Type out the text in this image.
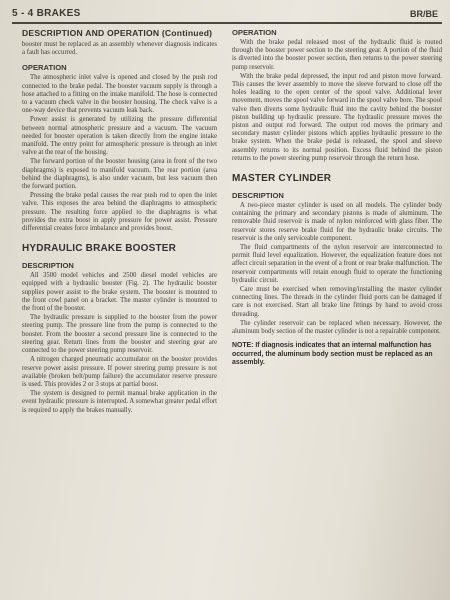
5 - 4 BRAKES	BR/BE
DESCRIPTION AND OPERATION (Continued)

booster must be replaced as an assembly whenever diagnosis indicates a fault has occurred.

OPERATION

The atmospheric inlet valve is opened and closed by the push rod connected to the brake pedal. The booster vacuum supply is through a hose attached to a fitting on the intake manifold. The hose is connected to a vacuum check valve in the booster housing. The check valve is a one-way device that prevents vacuum leak back.

Power assist is generated by utilizing the pressure differential between normal atmospheric pressure and a vacuum. The vacuum needed for booster operation is taken directly from the engine intake manifold. The entry point for atmospheric pressure is through an inlet valve at the rear of the housing.

The forward portion of the booster housing (area in front of the two diaphragms) is exposed to manifold vacuum. The rear portion (area behind the diaphragms), is also under vacuum, but less vacuum then the forward portion.

Pressing the brake pedal causes the rear push rod to open the inlet valve. This exposes the area behind the diaphragms to atmospheric pressure. The resulting force applied to the diaphragms is what provides the extra boost in apply pressure for power assist. Pressure differential creates force imbalance and provides boost.

HYDRAULIC BRAKE BOOSTER
DESCRIPTION

All 3500 model vehicles and 2500 diesel model vehicles are equipped with a hydraulic booster (Fig. 2). The hydraulic booster supplies power assist to the brake system. The booster is mounted to the front cowl panel on a bracket. The master cylinder is mounted to the front of the booster.

The hydraulic pressure is supplied to the booster from the power steering pump. The pressure line from the pump is connected to the booster. From the booster a second pressure line is connected to the steering gear. Return lines from the booster and steering gear are connected to the power steering pump reservoir.

A nitrogen charged pneumatic accumulator on the booster provides reserve power assist pressure. If power steering pump pressure is not available (broken belt/pump failure) the accumulator reserve pressure is used. This provides 2 or 3 stops at partial boost.

The system is designed to permit manual brake application in the event hydraulic pressure is interrupted. A somewhat greater pedal effort is required to apply the brakes manually.

OPERATION

With the brake pedal released most of the hydraulic fluid is routed through the booster power section to the steering gear. A portion of the fluid is diverted into the booster power section, then returns to the power steering pump reservoir.

With the brake pedal depressed, the input rod and piston move forward. This causes the lever assembly to move the sleeve forward to close off the holes leading to the open center of the spool valve. Additional lever movement, moves the spool valve forward in the spool valve bore. The spool valve then diverts some hydraulic fluid into the cavity behind the booster piston building up hydraulic pressure. The hydraulic pressure moves the piston and output rod forward. The output rod moves the primary and secondary master cylinder pistons which applies hydraulic pressure to the brake system. When the brake pedal is released, the spool and sleeve assembly returns to its normal position. Excess fluid behind the piston returns to the power steering pump reservoir through the return hose.

MASTER CYLINDER
DESCRIPTION

A two-piece master cylinder is used on all models. The cylinder body containing the primary and secondary pistons is made of aluminum. The removable fluid reservoir is made of nylon reinforced with glass fiber. The reservoir stores reserve brake fluid for the hydraulic brake circuits. The reservoir is the only serviceable component.

The fluid compartments of the nylon reservoir are interconnected to permit fluid level equalization. However, the equalization feature does not affect circuit separation in the event of a front or rear brake malfunction. The reservoir compartments will retain enough fluid to operate the functioning hydraulic circuit.

Care must be exercised when removing/installing the master cylinder connecting lines. The threads in the cylinder fluid ports can be damaged if care is not exercised. Start all brake line fittings by hand to avoid cross threading.

The cylinder reservoir can be replaced when necessary. However, the aluminum body section of the master cylinder is not a repairable component.

NOTE: If diagnosis indicates that an internal malfunction has occurred, the aluminum body section must be replaced as an assembly.
